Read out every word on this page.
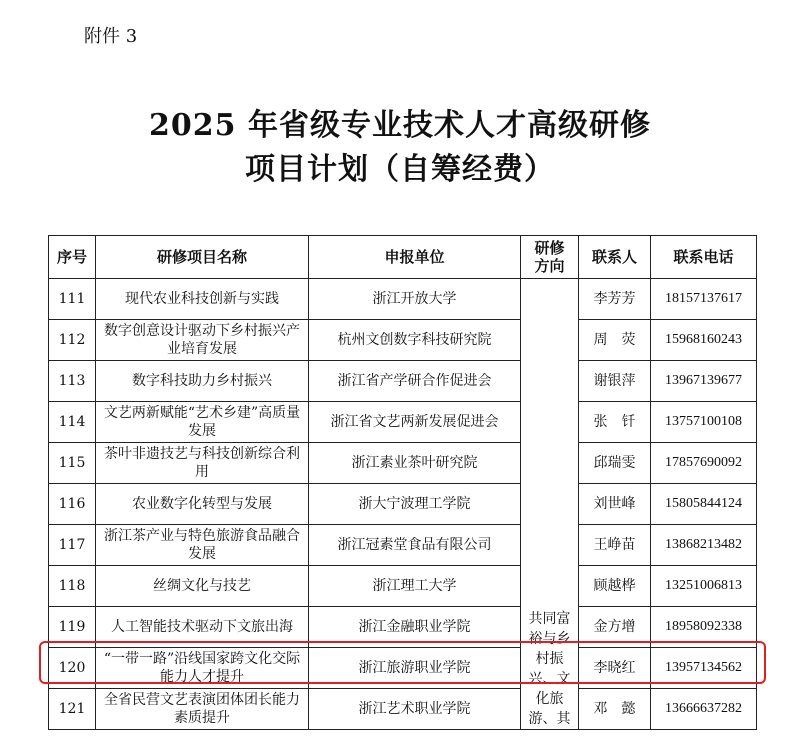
附件 3
2025 年省级专业技术人才高级研修
项目计划（自筹经费）
序号	研修项目名称	申报单位	研修方向	联系人	联系电话
111	现代农业科技创新与实践	浙江开放大学	共同富裕与乡村振兴、文化旅游、其	李芳芳	18157137617
112	数字创意设计驱动下乡村振兴产业培育发展	杭州文创数字科技研究院		周　荧	15968160243
113	数字科技助力乡村振兴	浙江省产学研合作促进会		谢银萍	13967139677
114	文艺两新赋能“艺术乡建”高质量发展	浙江省文艺两新发展促进会		张　钎	13757100108
115	茶叶非遗技艺与科技创新综合利用	浙江素业茶叶研究院		邱瑞雯	17857690092
116	农业数字化转型与发展	浙大宁波理工学院		刘世峰	15805844124
117	浙江茶产业与特色旅游食品融合发展	浙江冠素堂食品有限公司		王峥苗	13868213482
118	丝绸文化与技艺	浙江理工大学		顾越桦	13251006813
119	人工智能技术驱动下文旅出海	浙江金融职业学院		金方增	18958092338
120	“一带一路”沿线国家跨文化交际能力人才提升	浙江旅游职业学院		李晓红	13957134562
121	全省民营文艺表演团体团长能力素质提升	浙江艺术职业学院		邓　懿	13666637282
